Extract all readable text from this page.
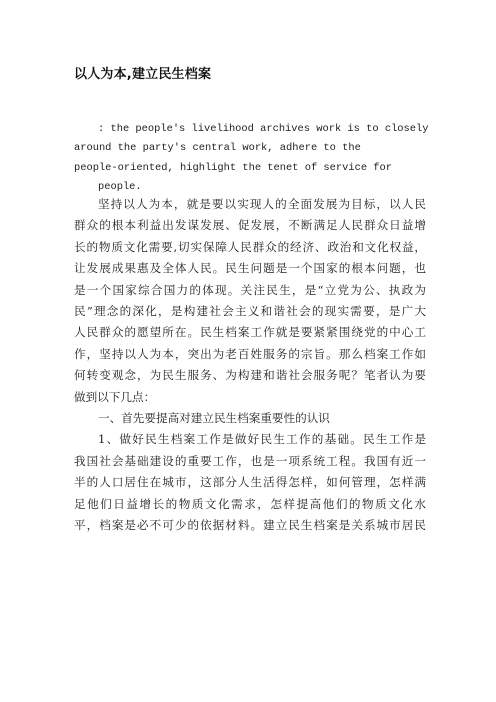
以人为本,建立民生档案
: the people's livelihood archives work is to closely
around the party's central work, adhere to the
people-oriented, highlight the tenet of service for
people.
坚持以人为本，就是要以实现人的全面发展为目标，以人民
群众的根本利益出发谋发展、促发展，不断满足人民群众日益增
长的物质文化需要,切实保障人民群众的经济、政治和文化权益，
让发展成果惠及全体人民。民生问题是一个国家的根本问题，也
是一个国家综合国力的体现。关注民生，是“立党为公、执政为
民”理念的深化，是构建社会主义和谐社会的现实需要，是广大
人民群众的愿望所在。民生档案工作就是要紧紧围绕党的中心工
作，坚持以人为本，突出为老百姓服务的宗旨。那么档案工作如
何转变观念，为民生服务、为构建和谐社会服务呢？笔者认为要
做到以下几点：
一、首先要提高对建立民生档案重要性的认识
1、做好民生档案工作是做好民生工作的基础。民生工作是
我国社会基础建设的重要工作，也是一项系统工程。我国有近一
半的人口居住在城市，这部分人生活得怎样，如何管理，怎样满
足他们日益增长的物质文化需求，怎样提高他们的物质文化水
平，档案是必不可少的依据材料。建立民生档案是关系城市居民
